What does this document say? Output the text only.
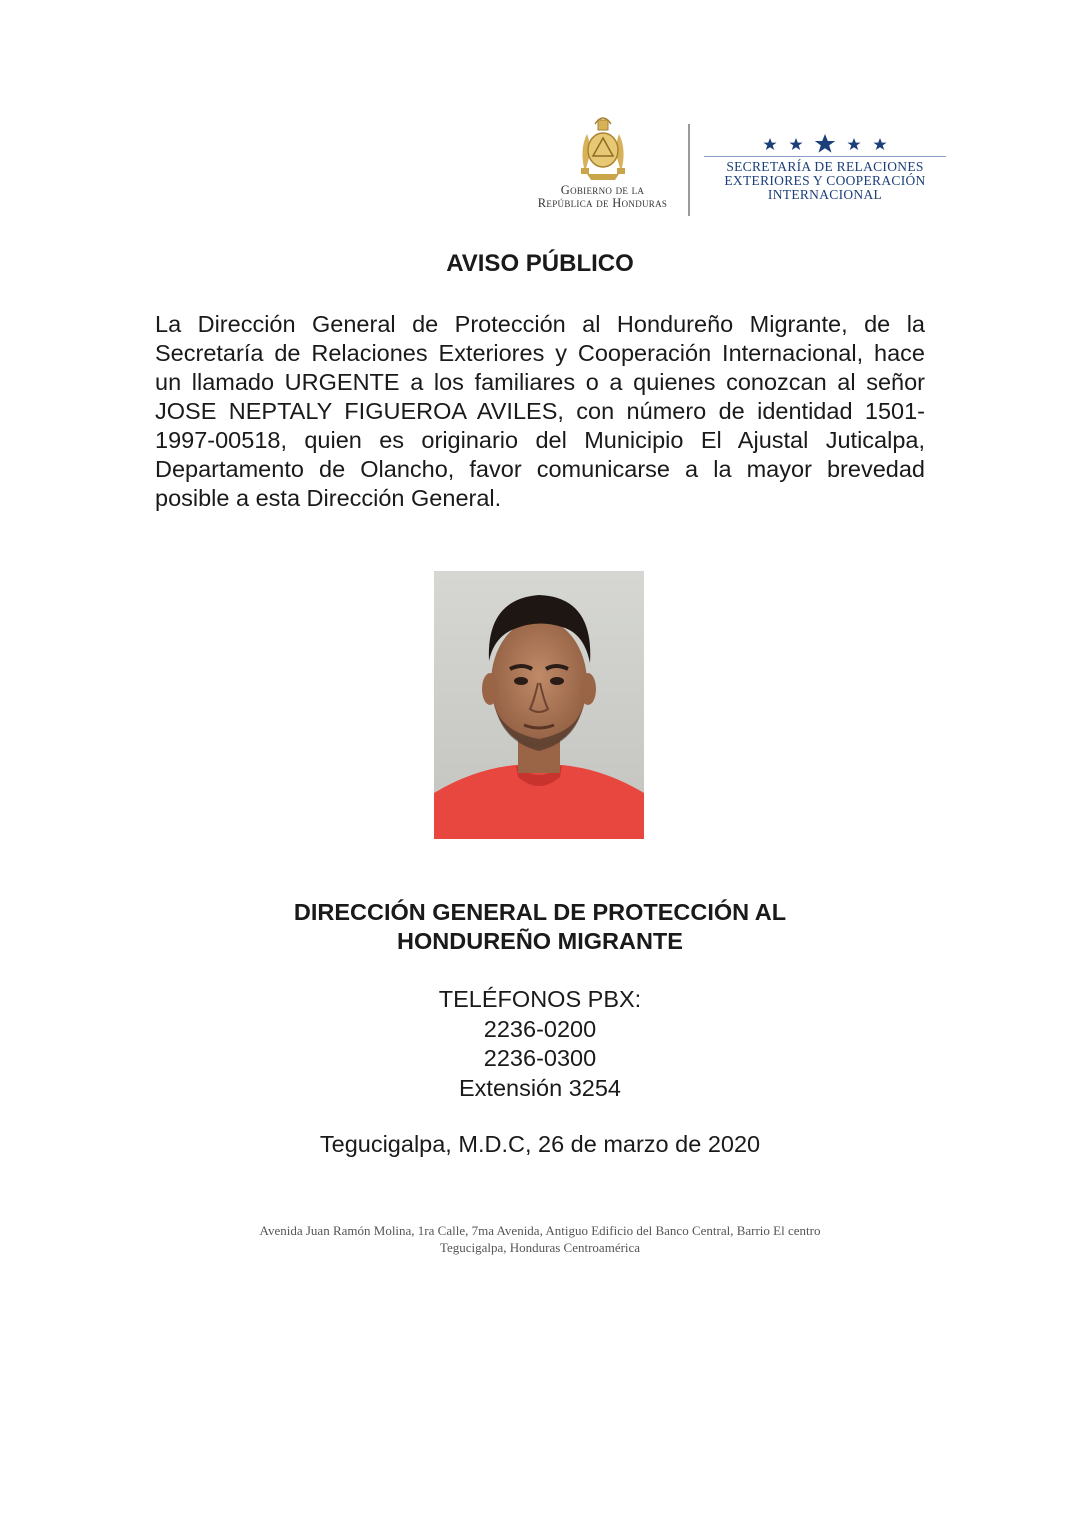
Gobierno de la
República de Honduras
SECRETARÍA DE RELACIONES
EXTERIORES Y COOPERACIÓN
INTERNACIONAL
AVISO PÚBLICO
La Dirección General de Protección al Hondureño Migrante, de la Secretaría de Relaciones Exteriores y Cooperación Internacional, hace un llamado URGENTE a los familiares o a quienes conozcan al señor JOSE NEPTALY FIGUEROA AVILES, con número de identidad 1501-1997-00518, quien es originario del Municipio El Ajustal Juticalpa, Departamento de Olancho, favor comunicarse a la mayor brevedad posible a esta Dirección General.
DIRECCIÓN GENERAL DE PROTECCIÓN AL
HONDUREÑO MIGRANTE
TELÉFONOS PBX:
2236-0200
2236-0300
Extensión 3254
Tegucigalpa, M.D.C, 26 de marzo de 2020
Avenida Juan Ramón Molina, 1ra Calle, 7ma Avenida, Antiguo Edificio del Banco Central, Barrio El centro
Tegucigalpa, Honduras Centroamérica
